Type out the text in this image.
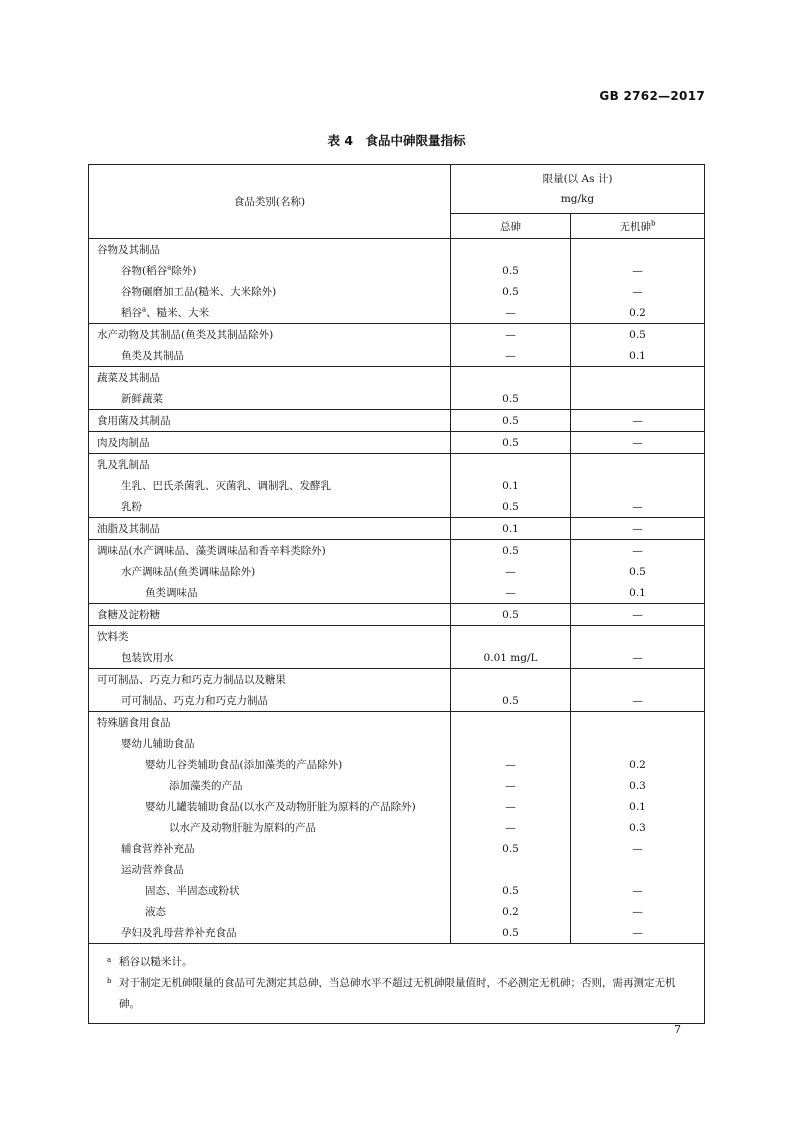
GB 2762—2017
表 4　食品中砷限量指标
食品类别(名称)	限量(以 As 计)
mg/kg	

	总砷	无机砷$^b$
谷物及其制品		
谷物(稻谷$^a$除外)	0.5	—
谷物碾磨加工品(糙米、大米除外)	0.5	—
稻谷$^a$、糙米、大米	—	0.2
水产动物及其制品(鱼类及其制品除外)	—	0.5
鱼类及其制品	—	0.1
蔬菜及其制品		
新鲜蔬菜	0.5	
食用菌及其制品	0.5	—
肉及肉制品	0.5	—
乳及乳制品		
生乳、巴氏杀菌乳、灭菌乳、调制乳、发酵乳	0.1	
乳粉	0.5	—
油脂及其制品	0.1	—
调味品(水产调味品、藻类调味品和香辛料类除外)	0.5	—
水产调味品(鱼类调味品除外)	—	0.5
鱼类调味品	—	0.1
食糖及淀粉糖	0.5	—
饮料类		
包装饮用水	0.01 mg/L	—
可可制品、巧克力和巧克力制品以及糖果		
可可制品、巧克力和巧克力制品	0.5	—
特殊膳食用食品		
婴幼儿辅助食品		
婴幼儿谷类辅助食品(添加藻类的产品除外)	—	0.2
添加藻类的产品	—	0.3
婴幼儿罐装辅助食品(以水产及动物肝脏为原料的产品除外)	—	0.1
以水产及动物肝脏为原料的产品	—	0.3
辅食营养补充品	0.5	—
运动营养食品		
固态、半固态或粉状	0.5	—
液态	0.2	—
孕妇及乳母营养补充食品	0.5	—

a 稻谷以糙米计。
b 对于制定无机砷限量的食品可先测定其总砷，当总砷水平不超过无机砷限量值时，不必测定无机砷；否则，需再测定无机砷。		
7
